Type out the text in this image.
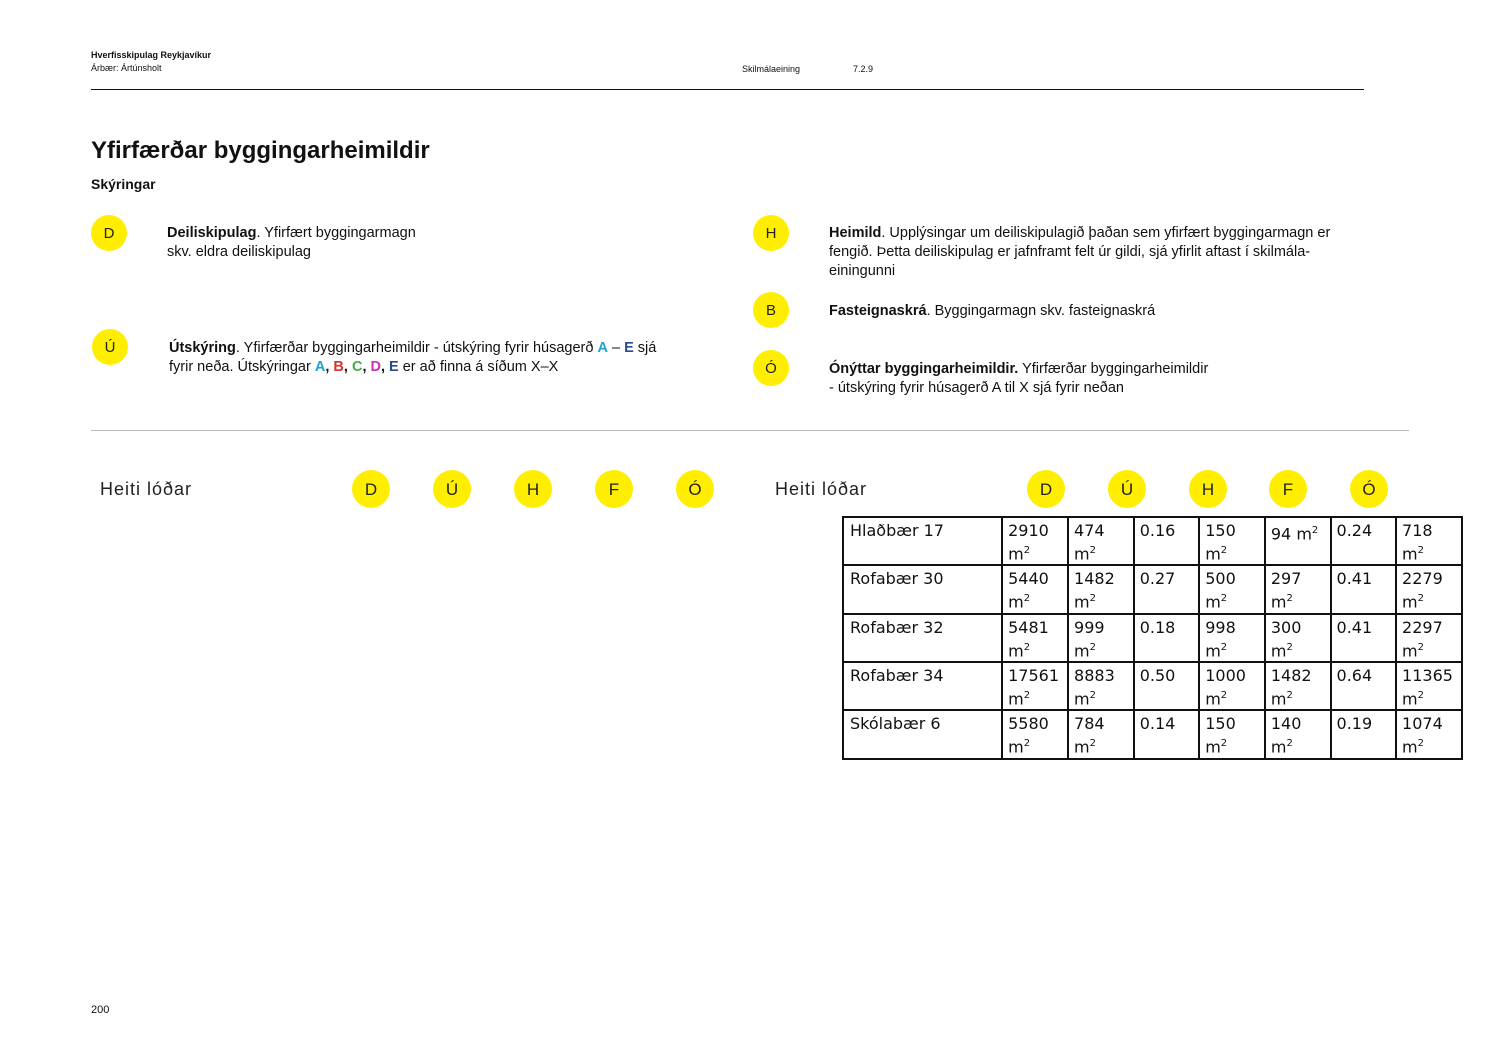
Hverfisskipulag Reykjavíkur
Árbær: Ártúnsholt	Skilmálaeining	7.2.9
Yfirfærðar byggingarheimildir
Skýringar
D	Deiliskipulag. Yfirfært byggingarmagn
skv. eldra deiliskipulag
Ú	Útskýring. Yfirfærðar byggingarheimildir - útskýring fyrir húsagerð A – E sjá
fyrir neða. Útskýringar A, B, C, D, E er að finna á síðum X–X
H	Heimild. Upplýsingar um deiliskipulagið þaðan sem yfirfært byggingarmagn er
fengið. Þetta deiliskipulag er jafnframt felt úr gildi, sjá yfirlit aftast í skilmála-
einingunni
B	Fasteignaskrá. Byggingarmagn skv. fasteignaskrá
Ó	Ónýttar byggingarheimildir. Yfirfærðar byggingarheimildir
- útskýring fyrir húsagerð A til X sjá fyrir neðan
Heiti lóðar	D	Ú	H	F	Ó	Heiti lóðar	D	Ú	H	F	Ó
Hlaðbær 17	2910 $m^2$	474 $m^2$	0.16	150 $m^2$	94 $m^2$	0.24	718 $m^2$
Rofabær 30	5440 $m^2$	1482 $m^2$	0.27	500 $m^2$	297 $m^2$	0.41	2279 $m^2$
Rofabær 32	5481 $m^2$	999 $m^2$	0.18	998 $m^2$	300 $m^2$	0.41	2297 $m^2$
Rofabær 34	17561 $m^2$	8883 $m^2$	0.50	1000 $m^2$	1482 $m^2$	0.64	11365 $m^2$
Skólabær 6	5580 $m^2$	784 $m^2$	0.14	150 $m^2$	140 $m^2$	0.19	1074 $m^2$
200
